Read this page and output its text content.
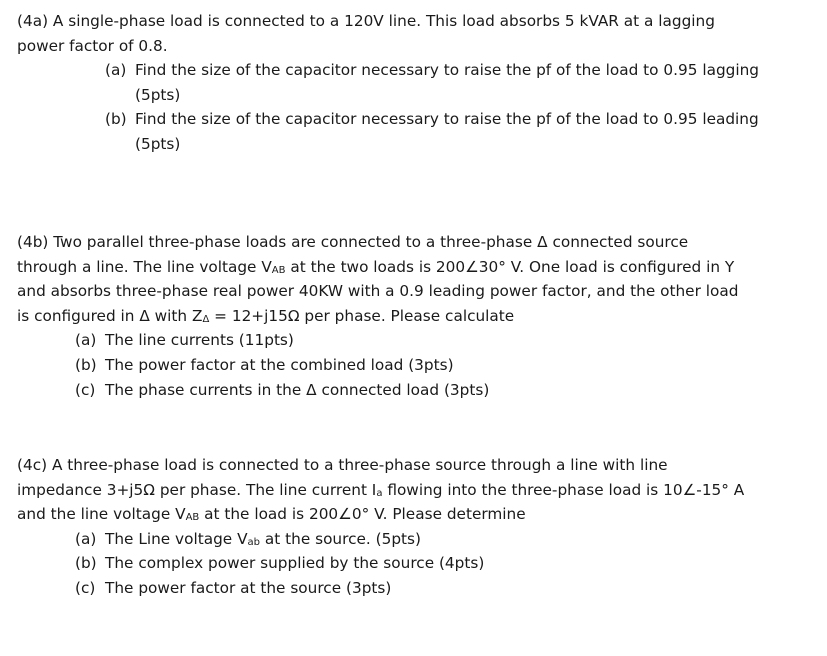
(4a) A single-phase load is connected to a 120V line. This load absorbs 5 kVAR at a lagging
power factor of 0.8.
(a) Find the size of the capacitor necessary to raise the pf of the load to 0.95 lagging
(5pts)
(b) Find the size of the capacitor necessary to raise the pf of the load to 0.95 leading
(5pts)
(4b) Two parallel three-phase loads are connected to a three-phase Δ connected source
through a line. The line voltage $V_{AB}$ at the two loads is 200∠30° V. One load is configured in Y
and absorbs three-phase real power 40KW with a 0.9 leading power factor, and the other load
is configured in Δ with $Z_\Delta = 12+j15\Omega$ per phase. Please calculate
(a) The line currents (11pts)
(b) The power factor at the combined load (3pts)
(c) The phase currents in the Δ connected load (3pts)
(4c) A three-phase load is connected to a three-phase source through a line with line
impedance 3+j5Ω per phase. The line current $I_a$ flowing into the three-phase load is 10∠-15° A
and the line voltage $V_{AB}$ at the load is 200∠0° V. Please determine
(a) The Line voltage $V_{ab}$ at the source. (5pts)
(b) The complex power supplied by the source (4pts)
(c) The power factor at the source (3pts)
